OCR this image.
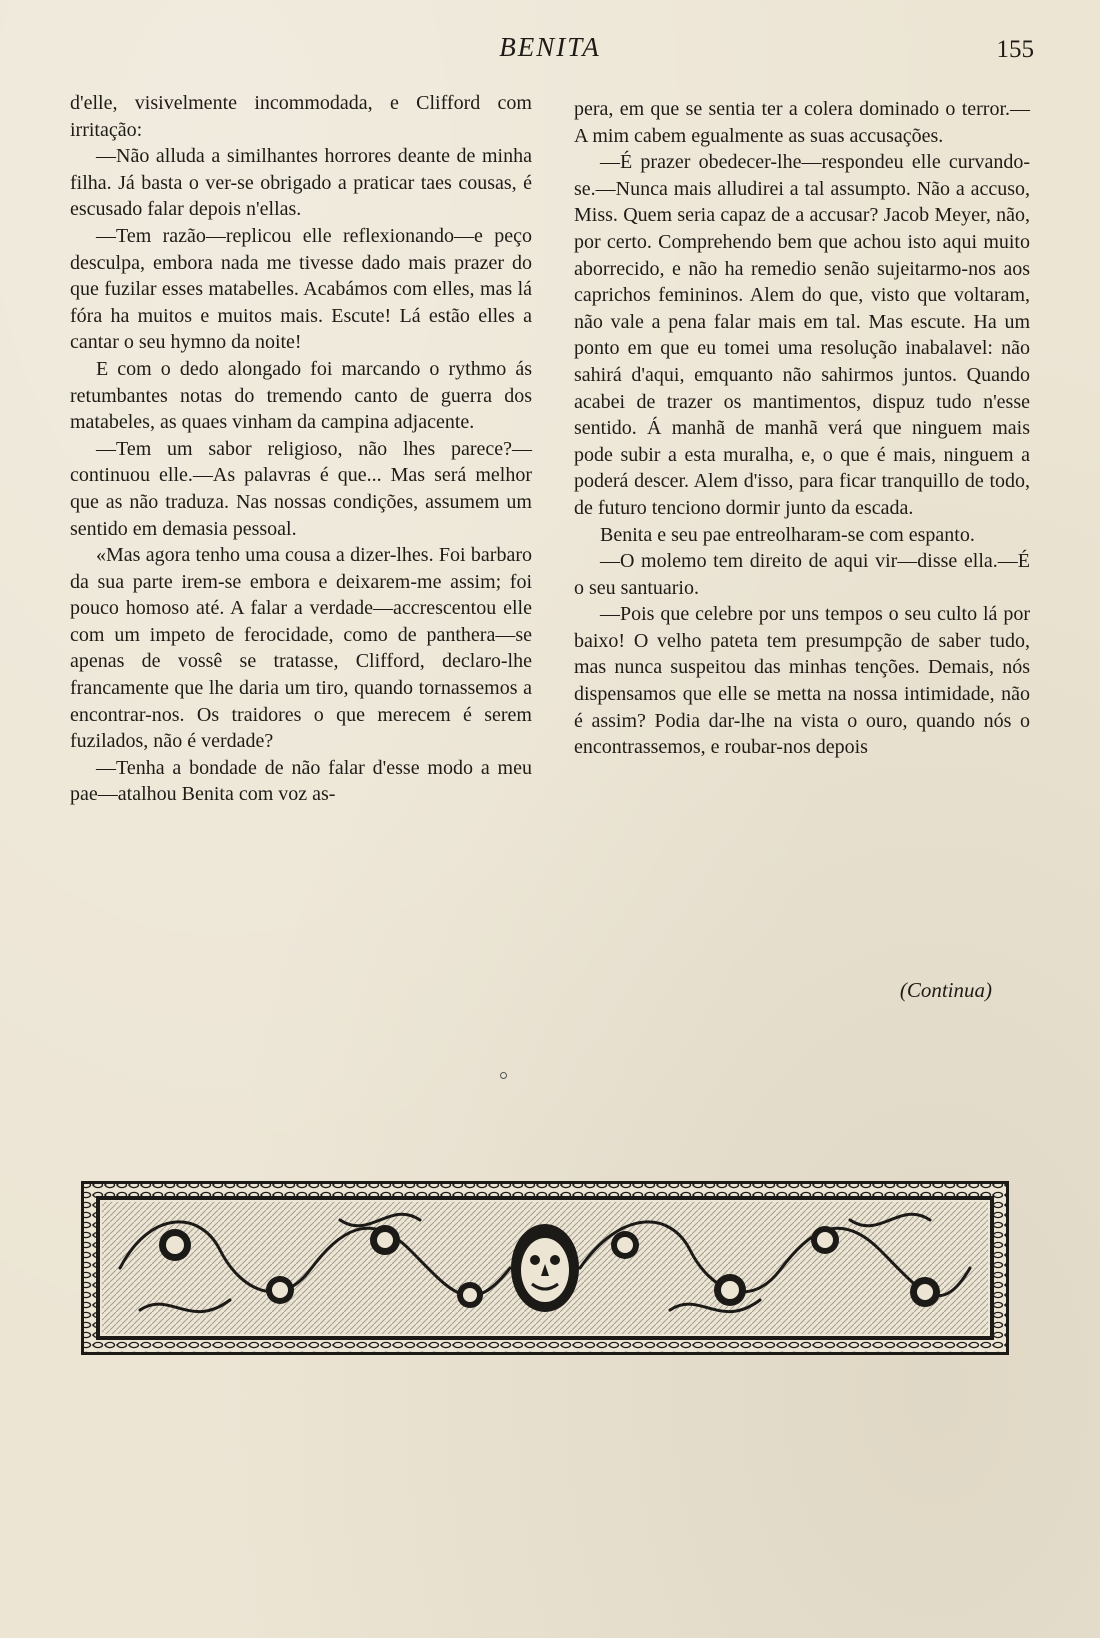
BENITA	155

d'elle, visivelmente incommodada, e Clifford com irritação:

—Não alluda a similhantes horrores deante de minha filha. Já basta o ver-se obrigado a praticar taes cousas, é escusado falar depois n'ellas.

—Tem razão—replicou elle reflexionando—e peço desculpa, embora nada me tivesse dado mais prazer do que fuzilar esses matabelles. Acabámos com elles, mas lá fóra ha muitos e muitos mais. Escute! Lá estão elles a cantar o seu hymno da noite!

E com o dedo alongado foi marcando o rythmo ás retumbantes notas do tremendo canto de guerra dos matabeles, as quaes vinham da campina adjacente.

—Tem um sabor religioso, não lhes parece?—continuou elle.—As palavras é que... Mas será melhor que as não traduza. Nas nossas condições, assumem um sentido em demasia pessoal.

«Mas agora tenho uma cousa a dizer-lhes. Foi barbaro da sua parte irem-se embora e deixarem-me assim; foi pouco homoso até. A falar a verdade—accrescentou elle com um impeto de ferocidade, como de panthera—se apenas de vossê se tratasse, Clifford, declaro-lhe francamente que lhe daria um tiro, quando tornassemos a encontrar-nos. Os traidores o que merecem é serem fuzilados, não é verdade?

—Tenha a bondade de não falar d'esse modo a meu pae—atalhou Benita com voz as-

pera, em que se sentia ter a colera dominado o terror.—A mim cabem egualmente as suas accusações.

—É prazer obedecer-lhe—respondeu elle curvando-se.—Nunca mais alludirei a tal assumpto. Não a accuso, Miss. Quem seria capaz de a accusar? Jacob Meyer, não, por certo. Comprehendo bem que achou isto aqui muito aborrecido, e não ha remedio senão sujeitarmo-nos aos caprichos femininos. Alem do que, visto que voltaram, não vale a pena falar mais em tal. Mas escute. Ha um ponto em que eu tomei uma resolução inabalavel: não sahirá d'aqui, emquanto não sahirmos juntos. Quando acabei de trazer os mantimentos, dispuz tudo n'esse sentido. Á manhã de manhã verá que ninguem mais pode subir a esta muralha, e, o que é mais, ninguem a poderá descer. Alem d'isso, para ficar tranquillo de todo, de futuro tenciono dormir junto da escada.

Benita e seu pae entreolharam-se com espanto.

—O molemo tem direito de aqui vir—disse ella.—É o seu santuario.

—Pois que celebre por uns tempos o seu culto lá por baixo! O velho pateta tem presumpção de saber tudo, mas nunca suspeitou das minhas tenções. Demais, nós dispensamos que elle se metta na nossa intimidade, não é assim? Podia dar-lhe na vista o ouro, quando nós o encontrassemos, e roubar-nos depois

(Continua)
